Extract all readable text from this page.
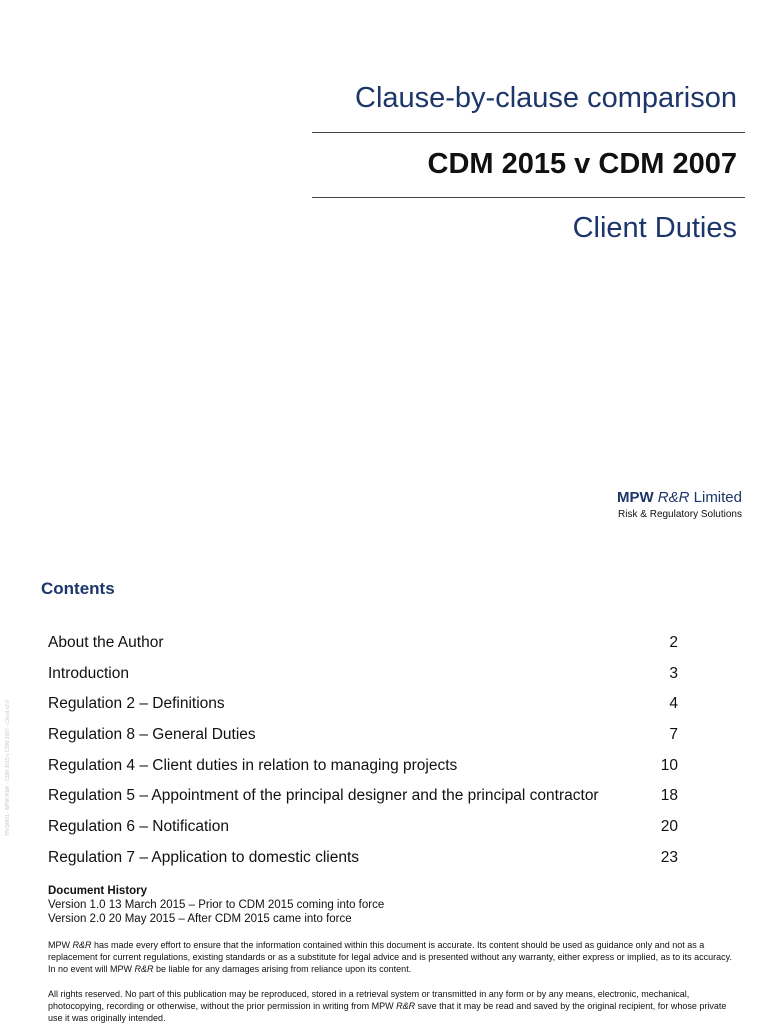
Clause-by-clause comparison
CDM 2015 v CDM 2007
Client Duties
MPW R&R Limited
Risk & Regulatory Solutions
Contents
About the Author	2
Introduction	3
Regulation 2 – Definitions	4
Regulation 8 – General Duties	7
Regulation 4 – Client duties in relation to managing projects	10
Regulation 5 – Appointment of the principal designer and the principal contractor	18
Regulation 6 – Notification	20
Regulation 7 – Application to domestic clients	23
TN-DM01 - MPW R&R - CDM 2015 v CDM 2007 - Client v2.0
Document History
Version 1.0 13 March 2015 – Prior to CDM 2015 coming into force
Version 2.0 20 May 2015 – After CDM 2015 came into force
MPW R&R has made every effort to ensure that the information contained within this document is accurate. Its content should be used as guidance only and not as a replacement for current regulations, existing standards or as a substitute for legal advice and is presented without any warranty, either express or implied, as to its accuracy. In no event will MPW R&R be liable for any damages arising from reliance upon its content.
All rights reserved. No part of this publication may be reproduced, stored in a retrieval system or transmitted in any form or by any means, electronic, mechanical, photocopying, recording or otherwise, without the prior permission in writing from MPW R&R save that it may be read and saved by the original recipient, for whose private use it was originally intended.
